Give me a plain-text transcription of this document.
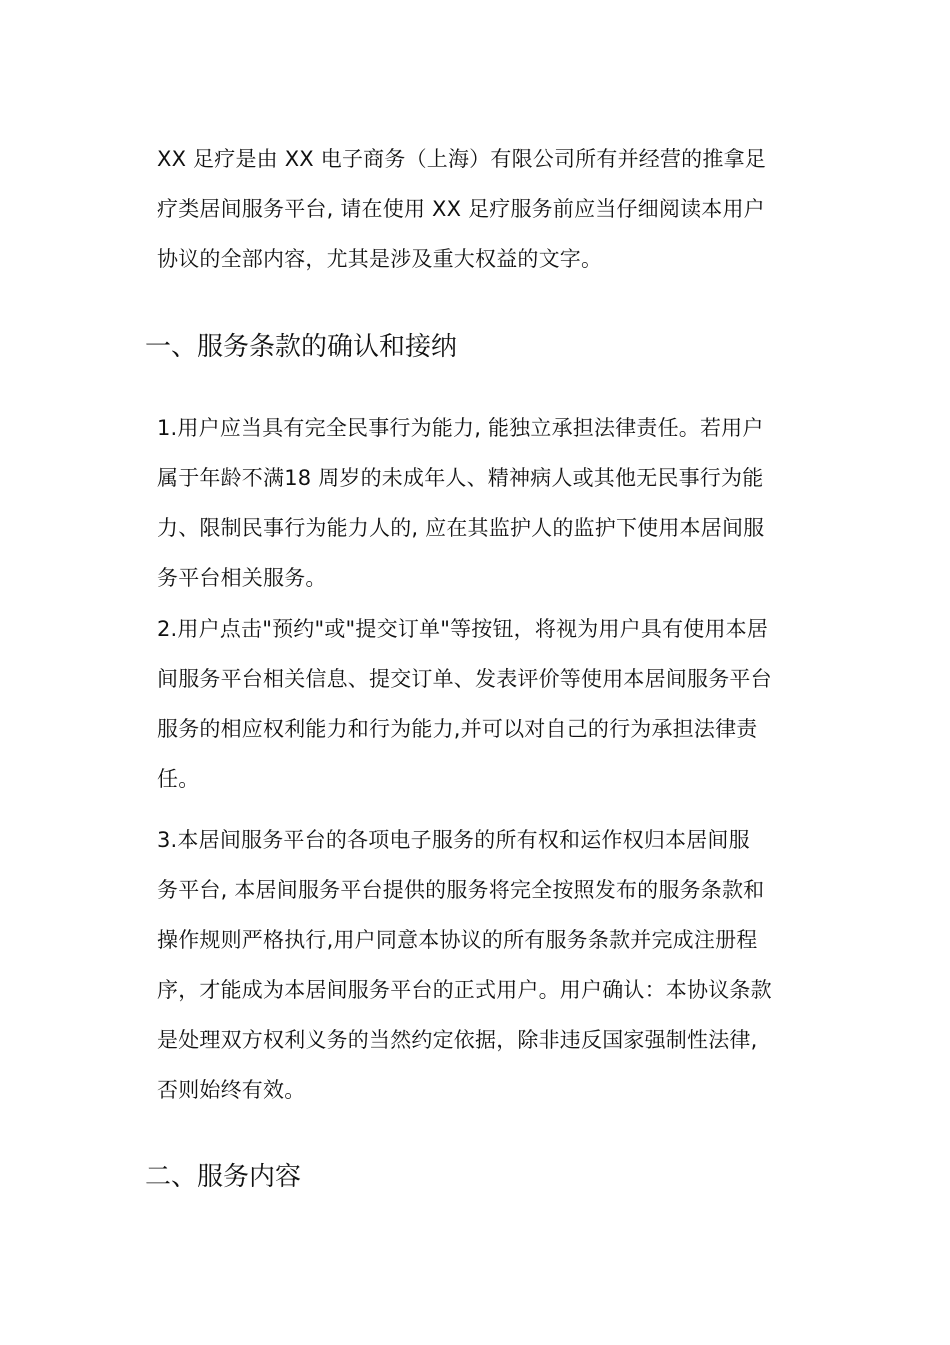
XX 足疗是由 XX 电子商务（上海）有限公司所有并经营的推拿足
疗类居间服务平台, 请在使用 XX 足疗服务前应当仔细阅读本用户
协议的全部内容，尤其是涉及重大权益的文字。

一、服务条款的确认和接纳

1.用户应当具有完全民事行为能力, 能独立承担法律责任。若用户
属于年龄不满18 周岁的未成年人、精神病人或其他无民事行为能
力、限制民事行为能力人的, 应在其监护人的监护下使用本居间服
务平台相关服务。

2.用户点击"预约"或"提交订单"等按钮，将视为用户具有使用本居
间服务平台相关信息、提交订单、发表评价等使用本居间服务平台
服务的相应权利能力和行为能力,并可以对自己的行为承担法律责
任。

3.本居间服务平台的各项电子服务的所有权和运作权归本居间服
务平台, 本居间服务平台提供的服务将完全按照发布的服务条款和
操作规则严格执行,用户同意本协议的所有服务条款并完成注册程
序，才能成为本居间服务平台的正式用户。用户确认：本协议条款
是处理双方权利义务的当然约定依据，除非违反国家强制性法律,
否则始终有效。

二、服务内容
